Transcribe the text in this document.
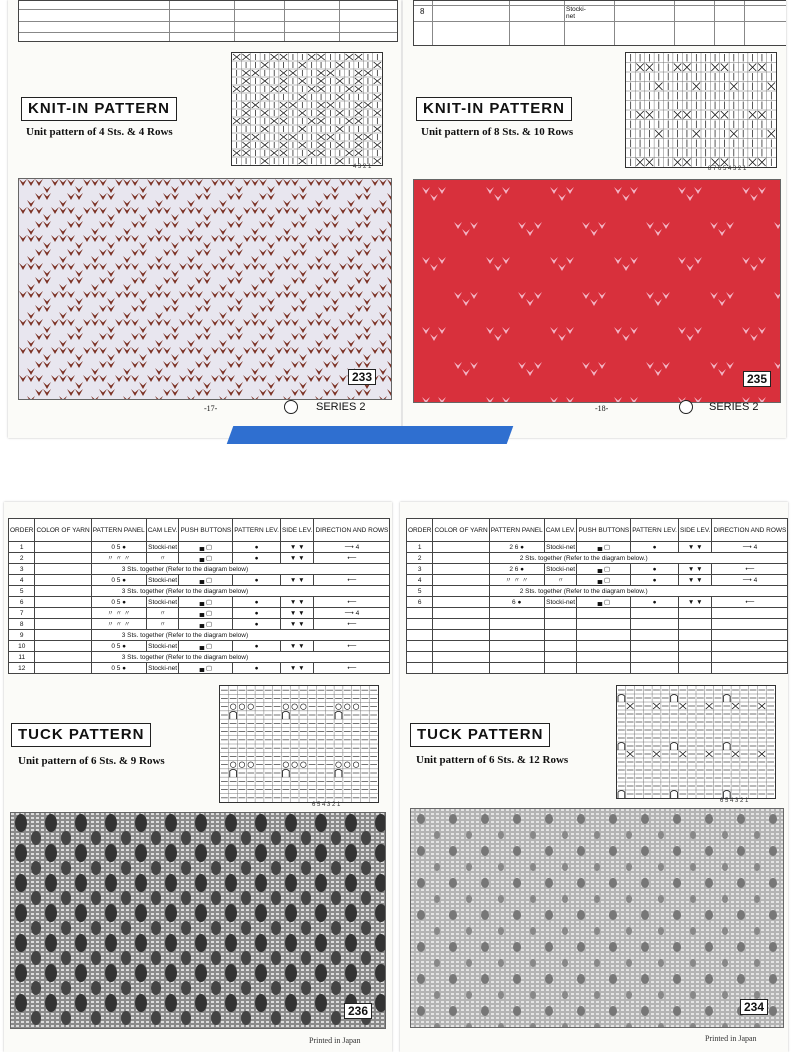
4 3 2 1
KNIT-IN PATTERN
Unit pattern of 4 Sts. & 4 Rows
233
-17-	SERIES 2
8	Stocki-
net
8 7 6 5 4 3 2 1
KNIT-IN PATTERN
Unit pattern of 8 Sts. & 10 Rows
235
-18-	SERIES 2
ORDER	COLOR OF YARN	PATTERN PANEL	CAM LEV.	PUSH BUTTONS	PATTERN LEV.	SIDE LEV.	DIRECTION AND ROWS
1		0 5 ●	Stocki-net	▄ ▢	●	▼ ▼	⟶ 4
2		〃 〃 〃	〃	▄ ▢	●	▼ ▼	⟵
3		3 Sts. together (Refer to the diagram below)					
4		0 5 ●	Stocki-net	▄ ▢	●	▼ ▼	⟵
5		3 Sts. together (Refer to the diagram below)					
6		0 5 ●	Stocki-net	▄ ▢	●	▼ ▼	⟵
7		〃 〃 〃	〃	▄ ▢	●	▼ ▼	⟶ 4
8		〃 〃 〃	〃	▄ ▢	●	▼ ▼	⟵
9		3 Sts. together (Refer to the diagram below)					
10		0 5 ●	Stocki-net	▄ ▢	●	▼ ▼	⟵
11		3 Sts. together (Refer to the diagram below)					
12		0 5 ●	Stocki-net	▄ ▢	●	▼ ▼	⟵
6 5 4 3 2 1
TUCK PATTERN
Unit pattern of 6 Sts. & 9 Rows
236
Printed in Japan
ORDER	COLOR OF YARN	PATTERN PANEL	CAM LEV.	PUSH BUTTONS	PATTERN LEV.	SIDE LEV.	DIRECTION AND ROWS
1		2 6 ●	Stocki-net	▄ ▢	●	▼ ▼	⟶ 4
2		2 Sts. together (Refer to the diagram below.)					
3		2 6 ●	Stocki-net	▄ ▢	●	▼ ▼	⟵
4		〃 〃 〃	〃	▄ ▢	●	▼ ▼	⟶ 4
5		2 Sts. together (Refer to the diagram below.)					
6		6 ●	Stocki-net	▄ ▢	●	▼ ▼	⟵

6 5 4 3 2 1
TUCK PATTERN
Unit pattern of 6 Sts. & 12 Rows
234
Printed in Japan
